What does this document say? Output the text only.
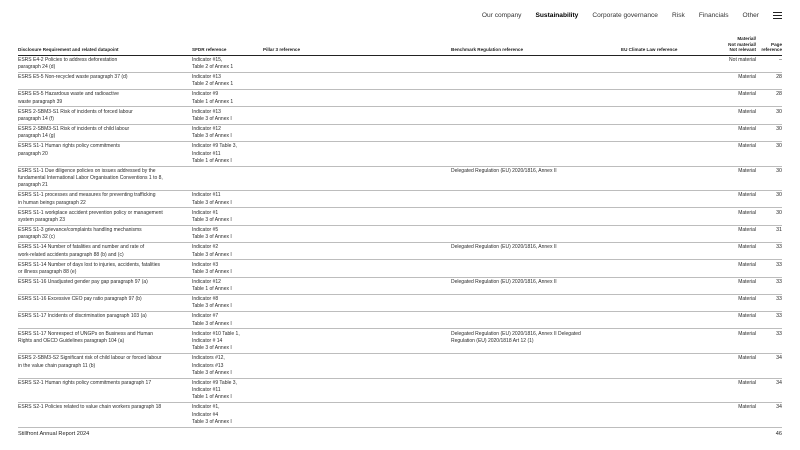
Our company Sustainability Corporate governance Risk Financials Other
Disclosure Requirement and related datapoint	SFDR reference	Pillar 3 reference	Benchmark Regulation reference	EU Climate Law reference	Material/
Not material/
Not relevant	Page reference
ESRS E4-2 Policies to address deforestation
paragraph 24 (d)	Indicator #15,
Table 2 of Annex 1				Not material	–
ESRS E5-5 Non-recycled waste paragraph 37 (d)	Indicator #13
Table 2 of Annex 1				Material	28
ESRS E5-5 Hazardous waste and radioactive
waste paragraph 39	Indicator #9
Table 1 of Annex 1				Material	28
ESRS 2-SBM3-S1 Risk of incidents of forced labour
paragraph 14 (f)	Indicator #13
Table 3 of Annex I				Material	30
ESRS 2-SBM3-S1 Risk of incidents of child labour
paragraph 14 (g)	Indicator #12
Table 3 of Annex I				Material	30
ESRS S1-1 Human rights policy commitments
paragraph 20	Indicator #9 Table 3,
Indicator #11
Table 1 of Annex I				Material	30
ESRS S1-1 Due diligence policies on issues addressed by the
fundamental International Labor Organisation Conventions 1 to 8,
paragraph 21			Delegated Regulation (EU) 2020/1816, Annex II		Material	30
ESRS S1-1 processes and measures for preventing trafficking
in human beings paragraph 22	Indicator #11
Table 3 of Annex I				Material	30
ESRS S1-1 workplace accident prevention policy or management
system paragraph 23	Indicator #1
Table 3 of Annex I				Material	30
ESRS S1-3 grievance/complaints handling mechanisms
paragraph 32 (c)	Indicator #5
Table 3 of Annex I				Material	31
ESRS S1-14 Number of fatalities and number and rate of
work-related accidents paragraph 88 (b) and (c)	Indicator #2
Table 3 of Annex I		Delegated Regulation (EU) 2020/1816, Annex II		Material	33
ESRS S1-14 Number of days lost to injuries, accidents, fatalities
or illness paragraph 88 (e)	Indicator #3
Table 3 of Annex I				Material	33
ESRS S1-16 Unadjusted gender pay gap paragraph 97 (a)	Indicator #12
Table 1 of Annex I		Delegated Regulation (EU) 2020/1816, Annex II		Material	33
ESRS S1-16 Excessive CEO pay ratio paragraph 97 (b)	Indicator #8
Table 3 of Annex I				Material	33
ESRS S1-17 Incidents of discrimination paragraph 103 (a)	Indicator #7
Table 3 of Annex I				Material	33
ESRS S1-17 Nonrespect of UNGPs on Business and Human
Rights and OECD Guidelines paragraph 104 (a)	Indicator #10 Table 1,
Indicator # 14
Table 3 of Annex I		Delegated Regulation (EU) 2020/1816, Annex II Delegated
Regulation (EU) 2020/1818 Art 12 (1)		Material	33
ESRS 2-SBM3-S2 Significant risk of child labour or forced labour
in the value chain paragraph 11 (b)	Indicators #12,
Indicators #13
Table 3 of Annex I				Material	34
ESRS S2-1 Human rights policy commitments paragraph 17	Indicator #9 Table 3,
Indicator #11
Table 1 of Annex I				Material	34
ESRS S2-1 Policies related to value chain workers paragraph 18	Indicator #1,
Indicator #4
Table 3 of Annex I				Material	34
Stillfront Annual Report 2024	46
